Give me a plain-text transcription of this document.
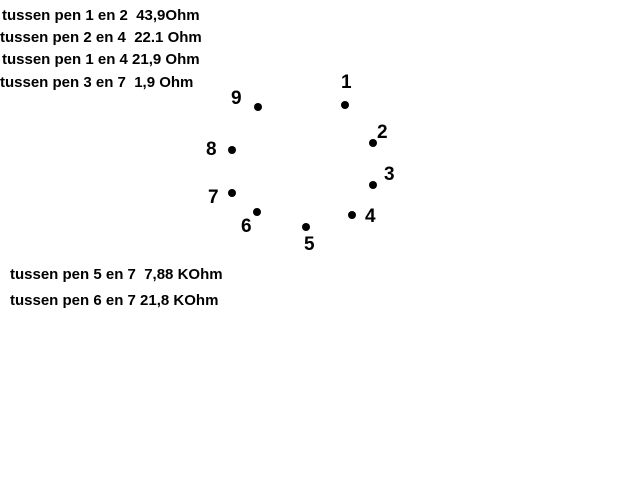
tussen pen 1 en 2  43,9Ohm
tussen pen 2 en 4  22.1 Ohm
tussen pen 1 en 4 21,9 Ohm
tussen pen 3 en 7  1,9 Ohm	1
2
3
4
5
6
7
8
9
tussen pen 5 en 7  7,88 KOhm
tussen pen 6 en 7 21,8 KOhm
